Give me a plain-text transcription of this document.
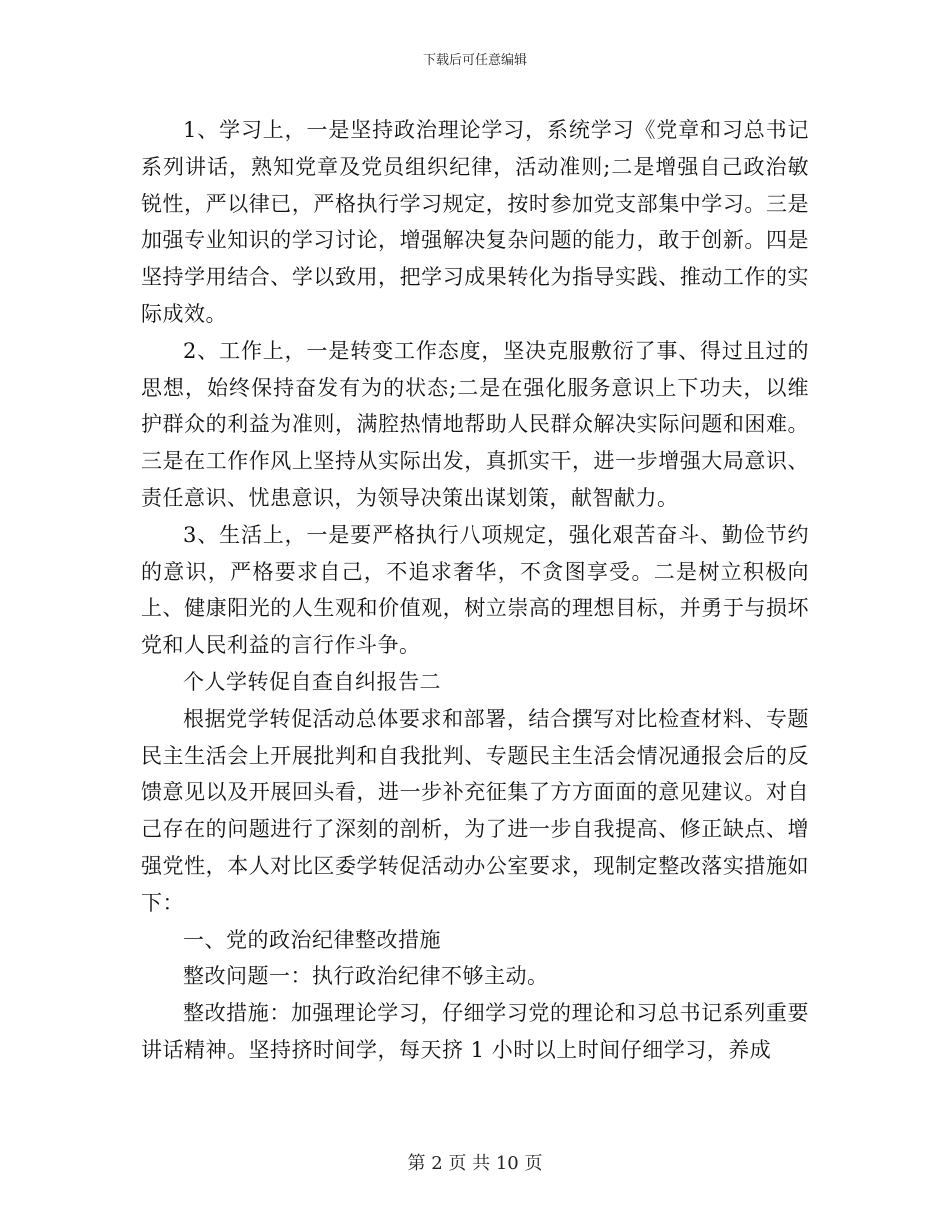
下载后可任意编辑

1、学习上，一是坚持政治理论学习，系统学习《党章和习总书记系列讲话，熟知党章及党员组织纪律，活动准则;二是增强自己政治敏锐性，严以律已，严格执行学习规定，按时参加党支部集中学习。三是加强专业知识的学习讨论，增强解决复杂问题的能力，敢于创新。四是坚持学用结合、学以致用，把学习成果转化为指导实践、推动工作的实际成效。

2、工作上，一是转变工作态度，坚决克服敷衍了事、得过且过的思想，始终保持奋发有为的状态;二是在强化服务意识上下功夫，以维护群众的利益为准则，满腔热情地帮助人民群众解决实际问题和困难。三是在工作作风上坚持从实际出发，真抓实干，进一步增强大局意识、责任意识、忧患意识，为领导决策出谋划策，献智献力。

3、生活上，一是要严格执行八项规定，强化艰苦奋斗、勤俭节约的意识，严格要求自己，不追求奢华，不贪图享受。二是树立积极向上、健康阳光的人生观和价值观，树立崇高的理想目标，并勇于与损坏党和人民利益的言行作斗争。

个人学转促自查自纠报告二

根据党学转促活动总体要求和部署，结合撰写对比检查材料、专题民主生活会上开展批判和自我批判、专题民主生活会情况通报会后的反馈意见以及开展回头看，进一步补充征集了方方面面的意见建议。对自己存在的问题进行了深刻的剖析，为了进一步自我提高、修正缺点、增强党性，本人对比区委学转促活动办公室要求，现制定整改落实措施如下：

一、党的政治纪律整改措施

整改问题一：执行政治纪律不够主动。

整改措施：加强理论学习，仔细学习党的理论和习总书记系列重要讲话精神。坚持挤时间学，每天挤 1 小时以上时间仔细学习，养成

第 2 页 共 10 页
